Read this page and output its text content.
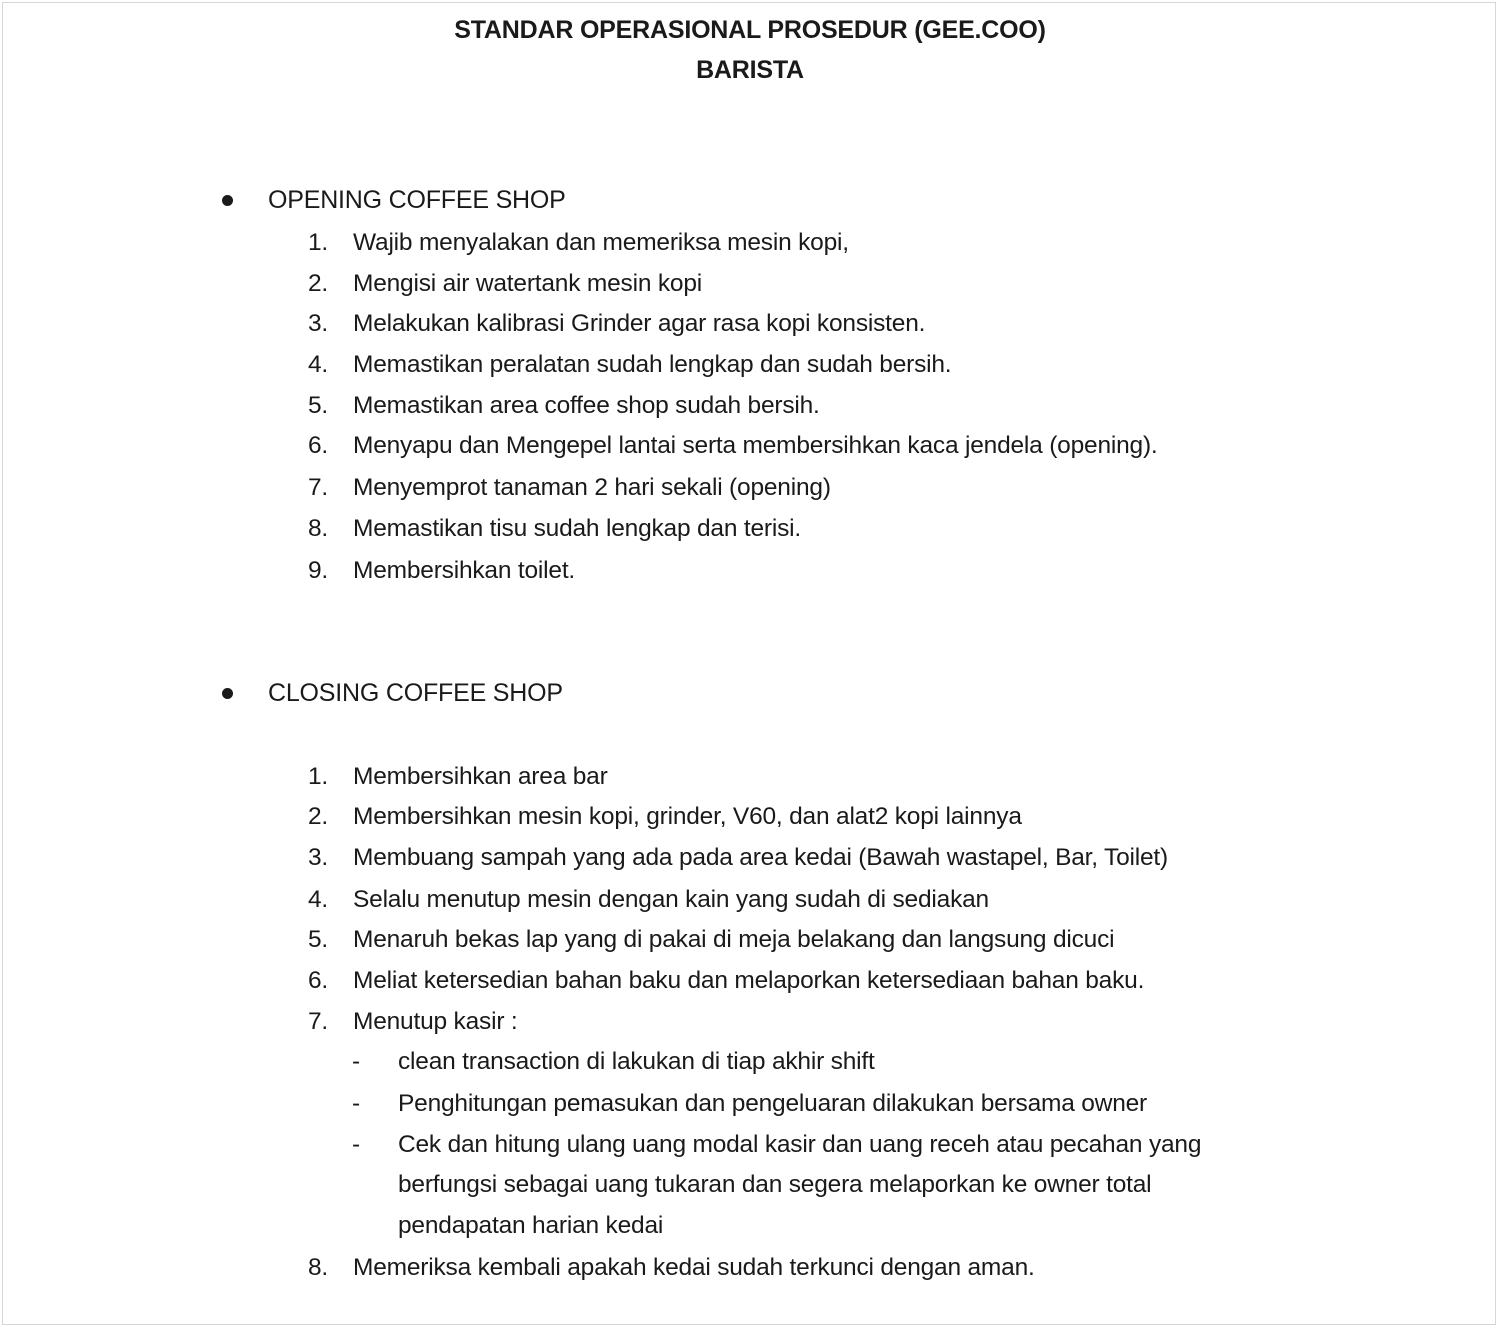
STANDAR OPERASIONAL PROSEDUR (GEE.COO)
BARISTA
OPENING COFFEE SHOP
1. Wajib menyalakan dan memeriksa mesin kopi,
2. Mengisi air watertank mesin kopi
3. Melakukan kalibrasi Grinder agar rasa kopi konsisten.
4. Memastikan peralatan sudah lengkap dan sudah bersih.
5. Memastikan area coffee shop sudah bersih.
6. Menyapu dan Mengepel lantai serta membersihkan kaca jendela (opening).
7. Menyemprot tanaman 2 hari sekali (opening)
8. Memastikan tisu sudah lengkap dan terisi.
9. Membersihkan toilet.
CLOSING COFFEE SHOP
1. Membersihkan area bar
2. Membersihkan mesin kopi, grinder, V60, dan alat2 kopi lainnya
3. Membuang sampah yang ada pada area kedai (Bawah wastapel, Bar, Toilet)
4. Selalu menutup mesin dengan kain yang sudah di sediakan
5. Menaruh bekas lap yang di pakai di meja belakang dan langsung dicuci
6. Meliat ketersedian bahan baku dan melaporkan ketersediaan bahan baku.
7. Menutup kasir :
- clean transaction di lakukan di tiap akhir shift
- Penghitungan pemasukan dan pengeluaran dilakukan bersama owner
- Cek dan hitung ulang uang modal kasir dan uang receh atau pecahan yang
berfungsi sebagai uang tukaran dan segera melaporkan ke owner total
pendapatan harian kedai
8. Memeriksa kembali apakah kedai sudah terkunci dengan aman.
